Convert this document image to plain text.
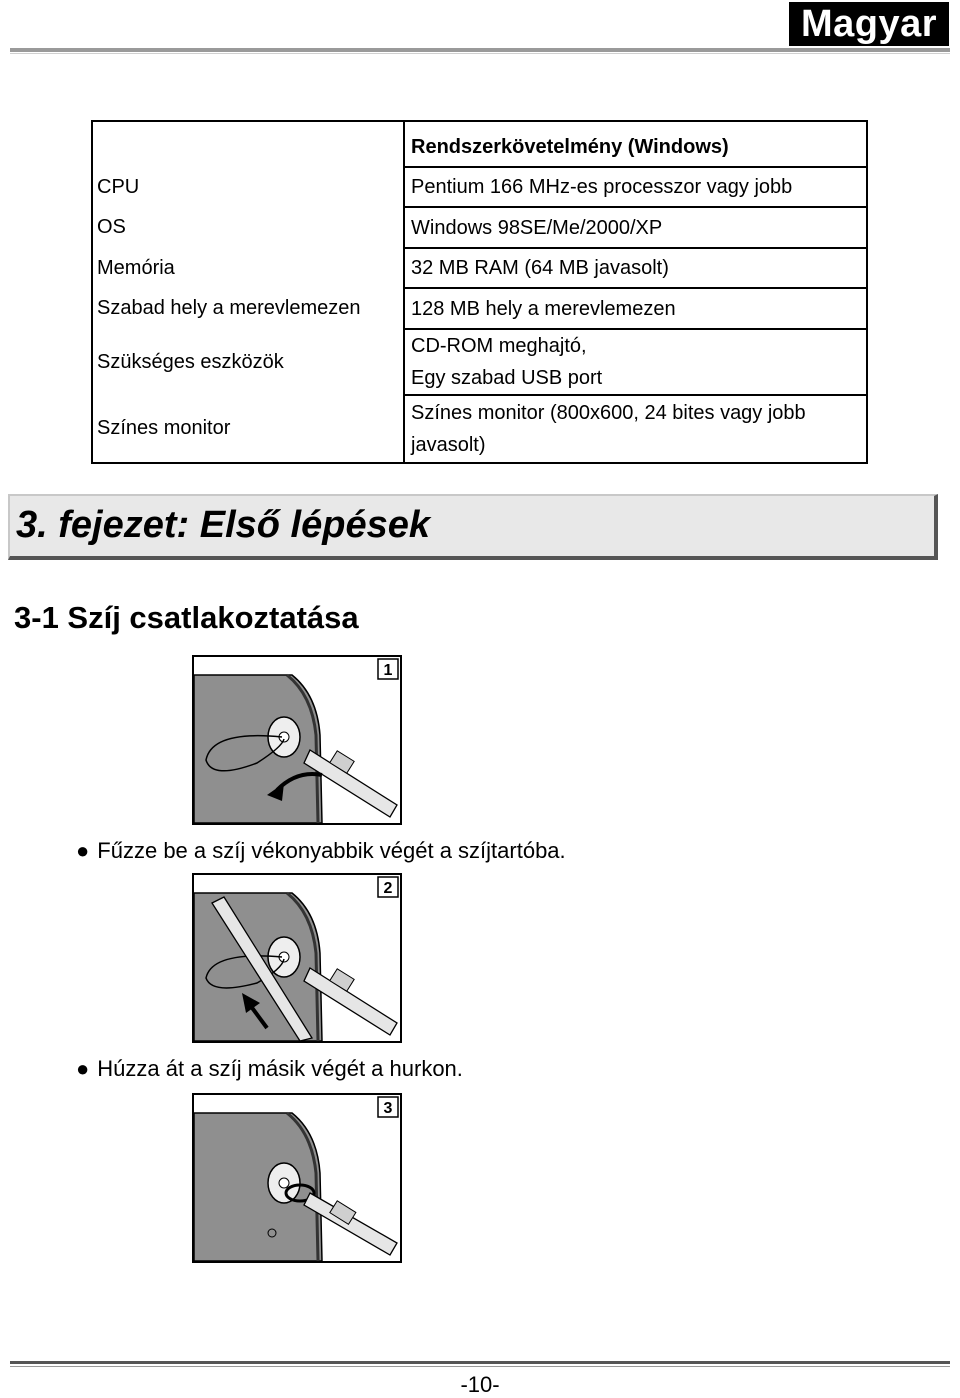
Magyar
	Rendszerkövetelmény (Windows)
CPU	Pentium 166 MHz-es processzor vagy jobb
OS	Windows 98SE/Me/2000/XP
Memória	32 MB RAM (64 MB javasolt)
Szabad hely a merevlemezen	128 MB hely a merevlemezen
Szükséges eszközök	CD-ROM meghajtó,
Egy szabad USB port

Színes monitor	Színes monitor (800x600, 24 bites vagy jobb
javasolt)
3. fejezet: Első lépések
3-1 Szíj csatlakoztatása
1
● Fűzze be a szíj vékonyabbik végét a szíjtartóba.
2
● Húzza át a szíj másik végét a hurkon.
3
-10-
